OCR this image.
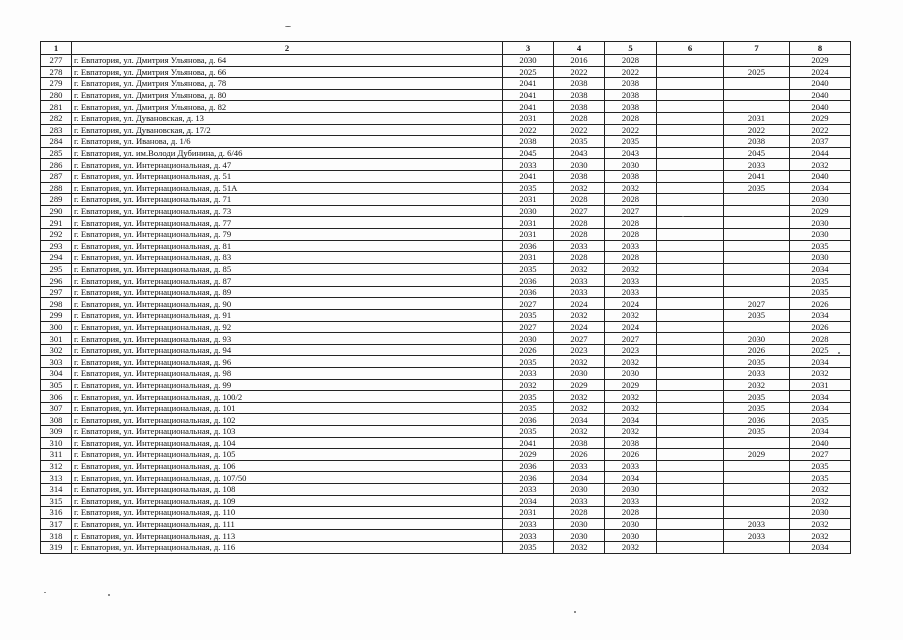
1	2	3	4	5	6	7	8
277	г. Евпатория, ул. Дмитрия Ульянова, д. 64	2030	2016	2028			2029
278	г. Евпатория, ул. Дмитрия Ульянова, д. 66	2025	2022	2022		2025	2024
279	г. Евпатория, ул. Дмитрия Ульянова, д. 78	2041	2038	2038			2040
280	г. Евпатория, ул. Дмитрия Ульянова, д. 80	2041	2038	2038			2040
281	г. Евпатория, ул. Дмитрия Ульянова, д. 82	2041	2038	2038			2040
282	г. Евпатория, ул. Дувановская, д. 13	2031	2028	2028		2031	2029
283	г. Евпатория, ул. Дувановская, д. 17/2	2022	2022	2022		2022	2022
284	г. Евпатория, ул. Иванова, д. 1/6	2038	2035	2035		2038	2037
285	г. Евпатория, ул. им.Володи Дубинина, д. 6/46	2045	2043	2043		2045	2044
286	г. Евпатория, ул. Интернациональная, д. 47	2033	2030	2030		2033	2032
287	г. Евпатория, ул. Интернациональная, д. 51	2041	2038	2038		2041	2040
288	г. Евпатория, ул. Интернациональная, д. 51А	2035	2032	2032		2035	2034
289	г. Евпатория, ул. Интернациональная, д. 71	2031	2028	2028			2030
290	г. Евпатория, ул. Интернациональная, д. 73	2030	2027	2027			2029
291	г. Евпатория, ул. Интернациональная, д. 77	2031	2028	2028			2030
292	г. Евпатория, ул. Интернациональная, д. 79	2031	2028	2028			2030
293	г. Евпатория, ул. Интернациональная, д. 81	2036	2033	2033			2035
294	г. Евпатория, ул. Интернациональная, д. 83	2031	2028	2028			2030
295	г. Евпатория, ул. Интернациональная, д. 85	2035	2032	2032			2034
296	г. Евпатория, ул. Интернациональная, д. 87	2036	2033	2033			2035
297	г. Евпатория, ул. Интернациональная, д. 89	2036	2033	2033			2035
298	г. Евпатория, ул. Интернациональная, д. 90	2027	2024	2024		2027	2026
299	г. Евпатория, ул. Интернациональная, д. 91	2035	2032	2032		2035	2034
300	г. Евпатория, ул. Интернациональная, д. 92	2027	2024	2024			2026
301	г. Евпатория, ул. Интернациональная, д. 93	2030	2027	2027		2030	2028
302	г. Евпатория, ул. Интернациональная, д. 94	2026	2023	2023		2026	2025
303	г. Евпатория, ул. Интернациональная, д. 96	2035	2032	2032		2035	2034
304	г. Евпатория, ул. Интернациональная, д. 98	2033	2030	2030		2033	2032
305	г. Евпатория, ул. Интернациональная, д. 99	2032	2029	2029		2032	2031
306	г. Евпатория, ул. Интернациональная, д. 100/2	2035	2032	2032		2035	2034
307	г. Евпатория, ул. Интернациональная, д. 101	2035	2032	2032		2035	2034
308	г. Евпатория, ул. Интернациональная, д. 102	2036	2034	2034		2036	2035
309	г. Евпатория, ул. Интернациональная, д. 103	2035	2032	2032		2035	2034
310	г. Евпатория, ул. Интернациональная, д. 104	2041	2038	2038			2040
311	г. Евпатория, ул. Интернациональная, д. 105	2029	2026	2026		2029	2027
312	г. Евпатория, ул. Интернациональная, д. 106	2036	2033	2033			2035
313	г. Евпатория, ул. Интернациональная, д. 107/50	2036	2034	2034			2035
314	г. Евпатория, ул. Интернациональная, д. 108	2033	2030	2030			2032
315	г. Евпатория, ул. Интернациональная, д. 109	2034	2033	2033			2032
316	г. Евпатория, ул. Интернациональная, д. 110	2031	2028	2028			2030
317	г. Евпатория, ул. Интернациональная, д. 111	2033	2030	2030		2033	2032
318	г. Евпатория, ул. Интернациональная, д. 113	2033	2030	2030		2033	2032
319	г. Евпатория, ул. Интернациональная, д. 116	2035	2032	2032			2034
